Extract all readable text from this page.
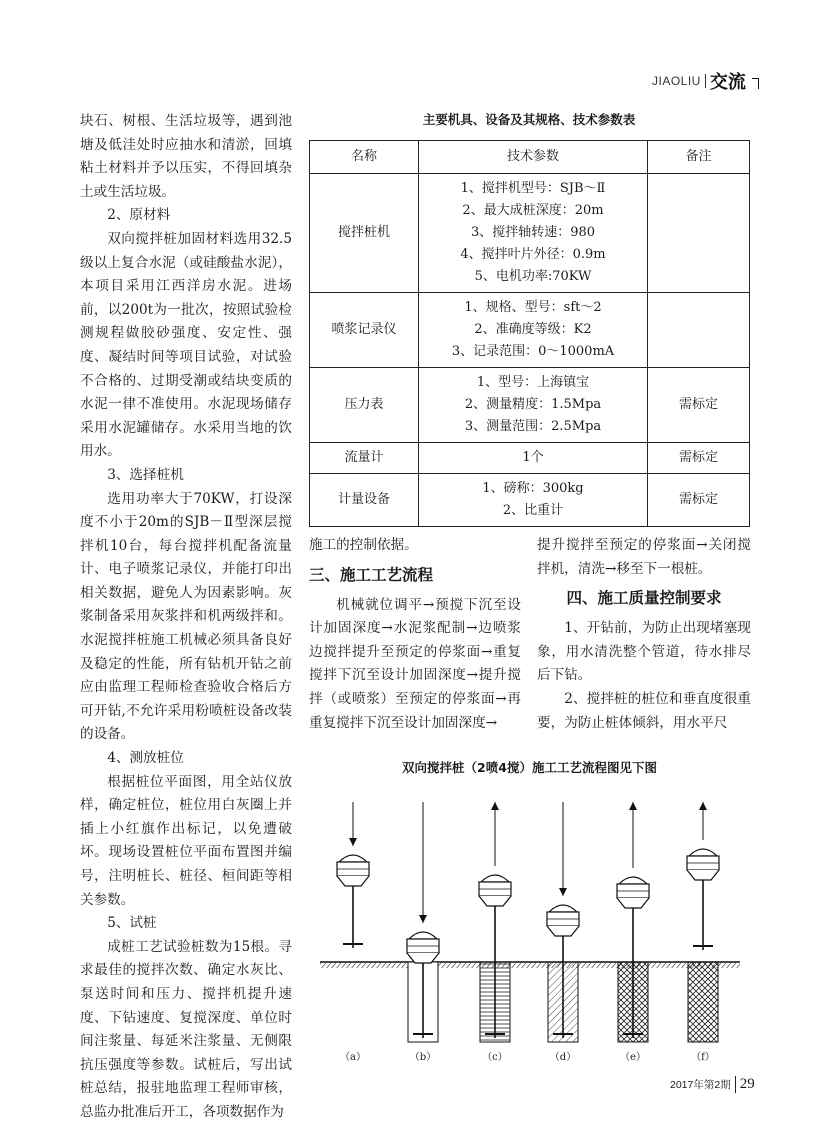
JIAOLIU 交流

块石、树根、生活垃圾等，遇到池塘及低洼处时应抽水和清淤，回填粘土材料并予以压实，不得回填杂土或生活垃圾。

2、原材料

双向搅拌桩加固材料选用32.5级以上复合水泥（或硅酸盐水泥），本项目采用江西洋房水泥。进场前，以200t为一批次，按照试验检测规程做胶砂强度、安定性、强度、凝结时间等项目试验，对试验不合格的、过期受潮或结块变质的水泥一律不准使用。水泥现场储存采用水泥罐储存。水采用当地的饮用水。

3、选择桩机

选用功率大于70KW，打设深度不小于20m的SJB－Ⅱ型深层搅拌机10台，每台搅拌机配备流量计、电子喷浆记录仪，并能打印出相关数据，避免人为因素影响。灰浆制备采用灰浆拌和机两级拌和。水泥搅拌桩施工机械必须具备良好及稳定的性能，所有钻机开钻之前应由监理工程师检查验收合格后方可开钻,不允许采用粉喷桩设备改装的设备。

4、测放桩位

根据桩位平面图，用全站仪放样，确定桩位，桩位用白灰圈上并插上小红旗作出标记，以免遭破坏。现场设置桩位平面布置图并编号，注明桩长、桩径、桓间距等相关参数。

5、试桩

成桩工艺试验桩数为15根。寻求最佳的搅拌次数、确定水灰比、泵送时间和压力、搅拌机提升速度、下钻速度、复搅深度、单位时间注浆量、每延米注浆量、无侧限抗压强度等参数。试桩后，写出试桩总结，报驻地监理工程师审核，总监办批准后开工，各项数据作为

主要机具、设备及其规格、技术参数表
名称	技术参数	备注
搅拌桩机	1、搅拌机型号：SJB～Ⅱ
2、最大成桩深度：20m
3、搅拌轴转速：980
4、搅拌叶片外径：0.9m
5、电机功率:70KW	

喷浆记录仪	1、规格、型号：sft～2
2、准确度等级：K2
3、记录范围：0～1000mA	

压力表	1、型号：上海镇宝
2、测量精度：1.5Mpa
3、测量范围：2.5Mpa	需标定
流量计	1个	需标定
计量设备	1、磅称：300kg
2、比重计	需标定

施工的控制依据。

三、施工工艺流程

机械就位调平→预搅下沉至设计加固深度→水泥浆配制→边喷浆边搅拌提升至预定的停浆面→重复搅拌下沉至设计加固深度→提升搅拌（或喷浆）至预定的停浆面→再重复搅拌下沉至设计加固深度→

提升搅拌至预定的停浆面→关闭搅拌机，清洗→移至下一根桩。

四、施工质量控制要求

1、开钻前，为防止出现堵塞现象，用水清洗整个管道，待水排尽后下钻。

2、搅拌桩的桩位和垂直度很重要，为防止桩体倾斜，用水平尺

双向搅拌桩（2喷4搅）施工工艺流程图见下图
（a）	（b）	（c）	（d）	（e）	（f）
2017年第2期 29
